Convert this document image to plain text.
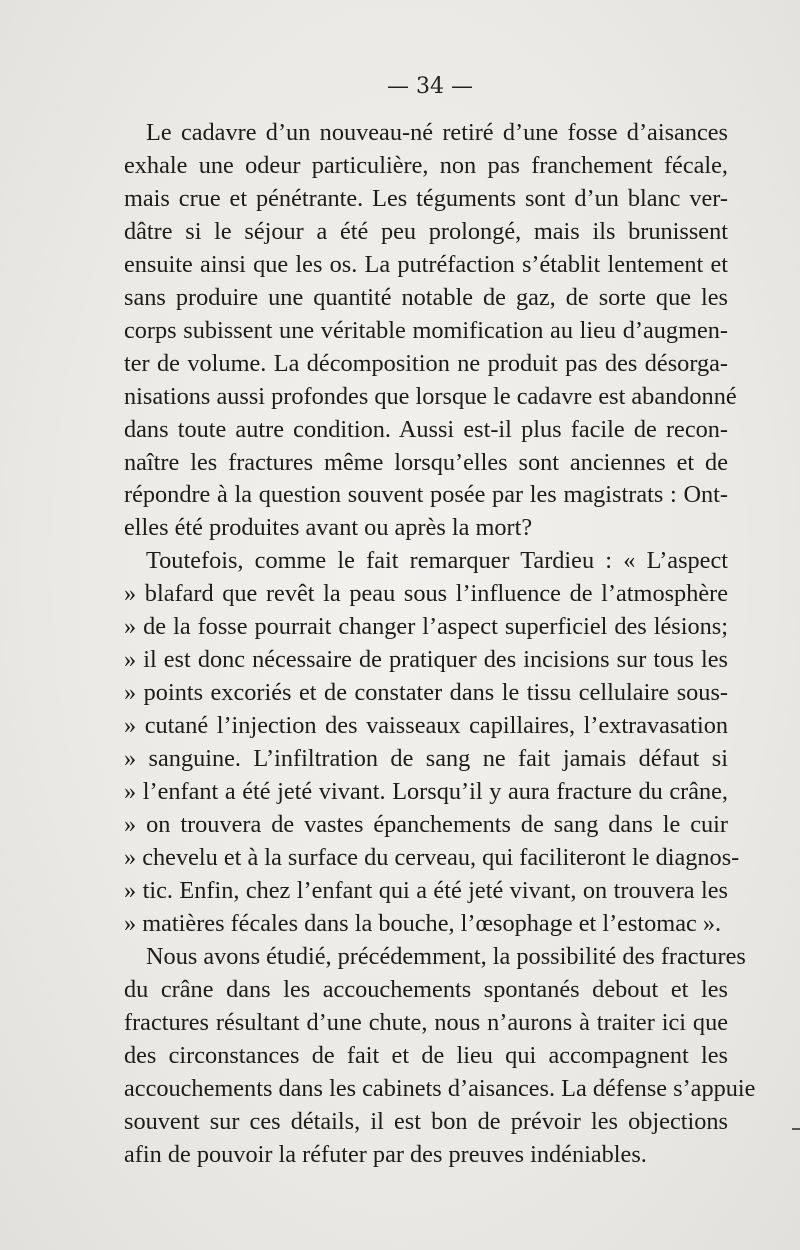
— 34 —
Le cadavre d’un nouveau-né retiré d’une fosse d’aisances
exhale une odeur particulière, non pas franchement fécale,
mais crue et pénétrante. Les téguments sont d’un blanc ver-
dâtre si le séjour a été peu prolongé, mais ils brunissent
ensuite ainsi que les os. La putréfaction s’établit lentement et
sans produire une quantité notable de gaz, de sorte que les
corps subissent une véritable momification au lieu d’augmen-
ter de volume. La décomposition ne produit pas des désorga-
nisations aussi profondes que lorsque le cadavre est abandonné
dans toute autre condition. Aussi est-il plus facile de recon-
naître les fractures même lorsqu’elles sont anciennes et de
répondre à la question souvent posée par les magistrats : Ont-
elles été produites avant ou après la mort?
Toutefois, comme le fait remarquer Tardieu : « L’aspect
» blafard que revêt la peau sous l’influence de l’atmosphère
» de la fosse pourrait changer l’aspect superficiel des lésions;
» il est donc nécessaire de pratiquer des incisions sur tous les
» points excoriés et de constater dans le tissu cellulaire sous-
» cutané l’injection des vaisseaux capillaires, l’extravasation
» sanguine. L’infiltration de sang ne fait jamais défaut si
» l’enfant a été jeté vivant. Lorsqu’il y aura fracture du crâne,
» on trouvera de vastes épanchements de sang dans le cuir
» chevelu et à la surface du cerveau, qui faciliteront le diagnos-
» tic. Enfin, chez l’enfant qui a été jeté vivant, on trouvera les
» matières fécales dans la bouche, l’œsophage et l’estomac ».
Nous avons étudié, précédemment, la possibilité des fractures
du crâne dans les accouchements spontanés debout et les
fractures résultant d’une chute, nous n’aurons à traiter ici que
des circonstances de fait et de lieu qui accompagnent les
accouchements dans les cabinets d’aisances. La défense s’appuie
souvent sur ces détails, il est bon de prévoir les objections
afin de pouvoir la réfuter par des preuves indéniables.
